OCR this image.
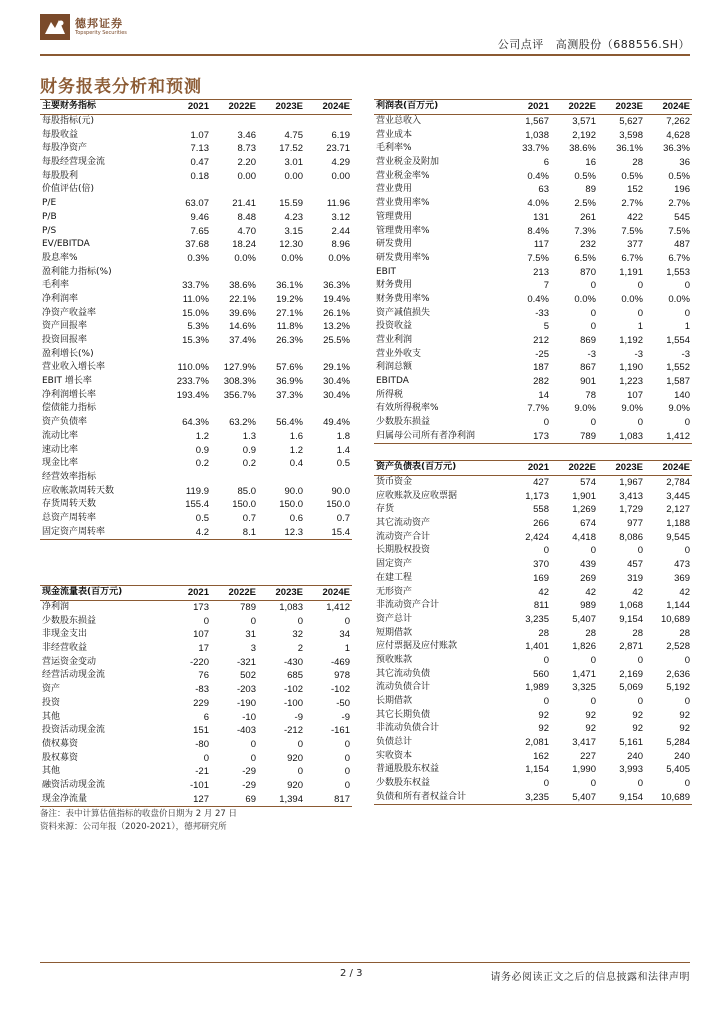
德邦证券
Topsperity Securities
公司点评 高测股份（688556.SH）
财务报表分析和预测
主要财务指标	2021	2022E	2023E	2024E
每股指标(元)				
每股收益	1.07	3.46	4.75	6.19
每股净资产	7.13	8.73	17.52	23.71
每股经营现金流	0.47	2.20	3.01	4.29
每股股利	0.18	0.00	0.00	0.00
价值评估(倍)				
P/E	63.07	21.41	15.59	11.96
P/B	9.46	8.48	4.23	3.12
P/S	7.65	4.70	3.15	2.44
EV/EBITDA	37.68	18.24	12.30	8.96
股息率%	0.3%	0.0%	0.0%	0.0%
盈利能力指标(%)				
毛利率	33.7%	38.6%	36.1%	36.3%
净利润率	11.0%	22.1%	19.2%	19.4%
净资产收益率	15.0%	39.6%	27.1%	26.1%
资产回报率	5.3%	14.6%	11.8%	13.2%
投资回报率	15.3%	37.4%	26.3%	25.5%
盈利增长(%)				
营业收入增长率	110.0%	127.9%	57.6%	29.1%
EBIT 增长率	233.7%	308.3%	36.9%	30.4%
净利润增长率	193.4%	356.7%	37.3%	30.4%
偿债能力指标				
资产负债率	64.3%	63.2%	56.4%	49.4%
流动比率	1.2	1.3	1.6	1.8
速动比率	0.9	0.9	1.2	1.4
现金比率	0.2	0.2	0.4	0.5
经营效率指标				
应收帐款周转天数	119.9	85.0	90.0	90.0
存货周转天数	155.4	150.0	150.0	150.0
总资产周转率	0.5	0.7	0.6	0.7
固定资产周转率	4.2	8.1	12.3	15.4
现金流量表(百万元)	2021	2022E	2023E	2024E
净利润	173	789	1,083	1,412
少数股东损益	0	0	0	0
非现金支出	107	31	32	34
非经营收益	17	3	2	1
营运资金变动	-220	-321	-430	-469
经营活动现金流	76	502	685	978
资产	-83	-203	-102	-102
投资	229	-190	-100	-50
其他	6	-10	-9	-9
投资活动现金流	151	-403	-212	-161
债权募资	-80	0	0	0
股权募资	0	0	920	0
其他	-21	-29	0	0
融资活动现金流	-101	-29	920	0
现金净流量	127	69	1,394	817
利润表(百万元)	2021	2022E	2023E	2024E
营业总收入	1,567	3,571	5,627	7,262
营业成本	1,038	2,192	3,598	4,628
毛利率%	33.7%	38.6%	36.1%	36.3%
营业税金及附加	6	16	28	36
营业税金率%	0.4%	0.5%	0.5%	0.5%
营业费用	63	89	152	196
营业费用率%	4.0%	2.5%	2.7%	2.7%
管理费用	131	261	422	545
管理费用率%	8.4%	7.3%	7.5%	7.5%
研发费用	117	232	377	487
研发费用率%	7.5%	6.5%	6.7%	6.7%
EBIT	213	870	1,191	1,553
财务费用	7	0	0	0
财务费用率%	0.4%	0.0%	0.0%	0.0%
资产减值损失	-33	0	0	0
投资收益	5	0	1	1
营业利润	212	869	1,192	1,554
营业外收支	-25	-3	-3	-3
利润总额	187	867	1,190	1,552
EBITDA	282	901	1,223	1,587
所得税	14	78	107	140
有效所得税率%	7.7%	9.0%	9.0%	9.0%
少数股东损益	0	0	0	0
归属母公司所有者净利润	173	789	1,083	1,412
资产负债表(百万元)	2021	2022E	2023E	2024E
货币资金	427	574	1,967	2,784
应收账款及应收票据	1,173	1,901	3,413	3,445
存货	558	1,269	1,729	2,127
其它流动资产	266	674	977	1,188
流动资产合计	2,424	4,418	8,086	9,545
长期股权投资	0	0	0	0
固定资产	370	439	457	473
在建工程	169	269	319	369
无形资产	42	42	42	42
非流动资产合计	811	989	1,068	1,144
资产总计	3,235	5,407	9,154	10,689
短期借款	28	28	28	28
应付票据及应付账款	1,401	1,826	2,871	2,528
预收账款	0	0	0	0
其它流动负债	560	1,471	2,169	2,636
流动负债合计	1,989	3,325	5,069	5,192
长期借款	0	0	0	0
其它长期负债	92	92	92	92
非流动负债合计	92	92	92	92
负债总计	2,081	3,417	5,161	5,284
实收资本	162	227	240	240
普通股股东权益	1,154	1,990	3,993	5,405
少数股东权益	0	0	0	0
负债和所有者权益合计	3,235	5,407	9,154	10,689
备注：表中计算估值指标的收盘价日期为 2 月 27 日
资料来源：公司年报（2020-2021），德邦研究所
2 / 3	请务必阅读正文之后的信息披露和法律声明
